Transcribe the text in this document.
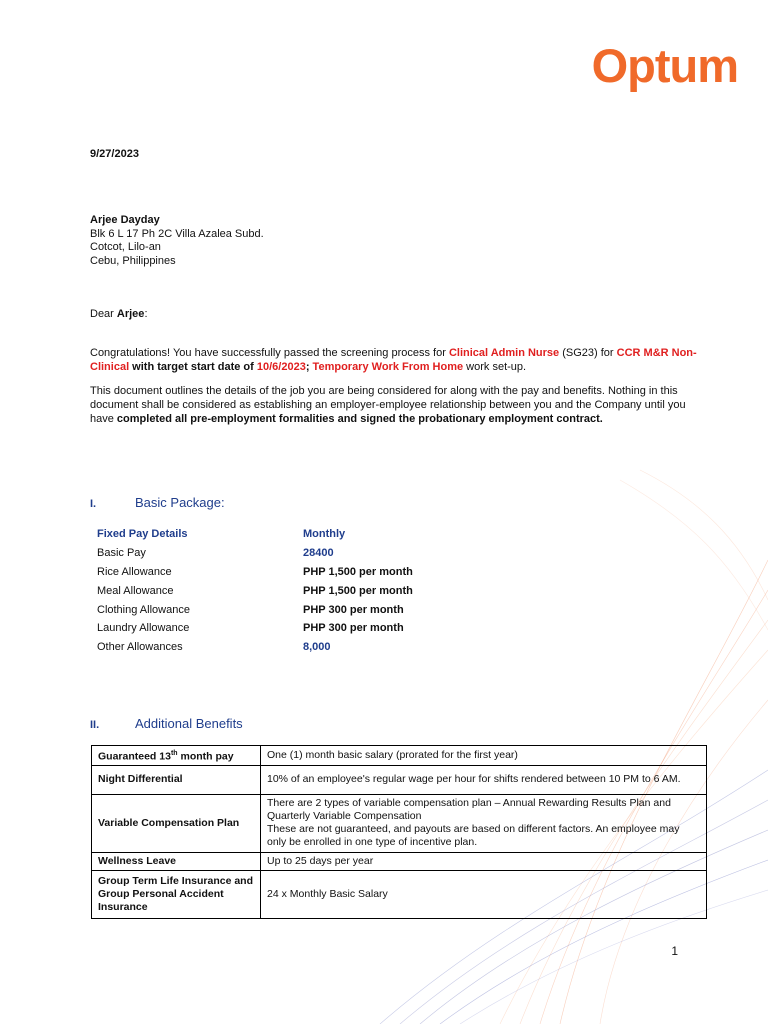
Optum
9/27/2023
Arjee Dayday
Blk 6 L 17 Ph 2C Villa Azalea Subd.
Cotcot, Lilo-an
Cebu, Philippines
Dear Arjee:
Congratulations! You have successfully passed the screening process for Clinical Admin Nurse (SG23) for CCR M&R Non-Clinical with target start date of 10/6/2023; Temporary Work From Home work set-up.
This document outlines the details of the job you are being considered for along with the pay and benefits. Nothing in this document shall be considered as establishing an employer-employee relationship between you and the Company until you have completed all pre-employment formalities and signed the probationary employment contract.
I.	Basic Package:
Fixed Pay Details	Monthly
Basic Pay	28400
Rice Allowance	PHP 1,500 per month
Meal Allowance	PHP 1,500 per month
Clothing Allowance	PHP 300 per month
Laundry Allowance	PHP 300 per month
Other Allowances	8,000
II.	Additional Benefits
Guaranteed 13th month pay	One (1) month basic salary (prorated for the first year)
Night Differential	10% of an employee's regular wage per hour for shifts rendered between 10 PM to 6 AM.
Variable Compensation Plan	There are 2 types of variable compensation plan – Annual Rewarding Results Plan and Quarterly Variable Compensation
These are not guaranteed, and payouts are based on different factors. An employee may only be enrolled in one type of incentive plan.

Wellness Leave	Up to 25 days per year
Group Term Life Insurance and Group Personal Accident Insurance	24 x Monthly Basic Salary
1
